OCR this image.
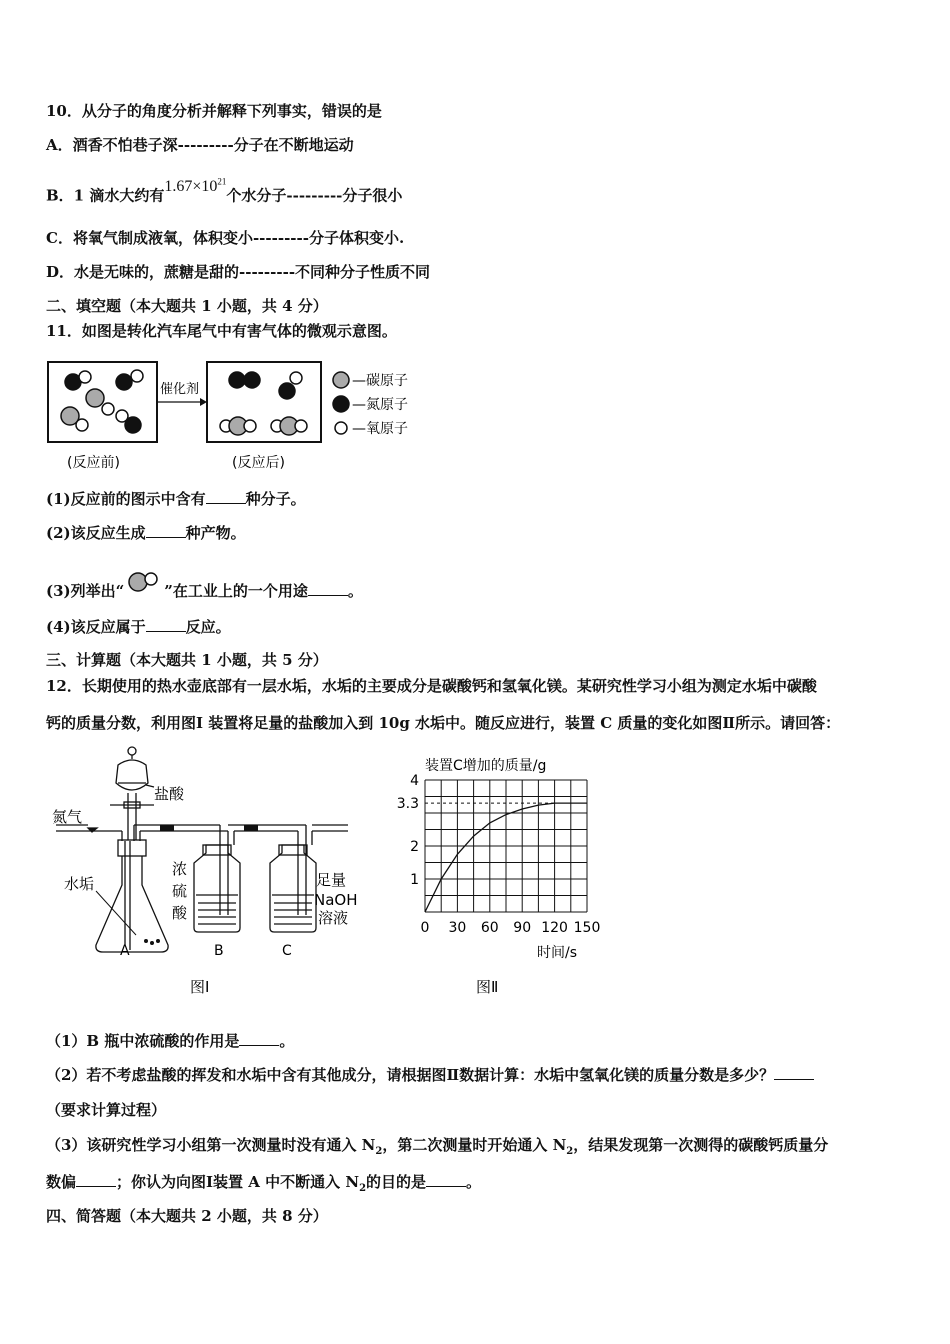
10．从分子的角度分析并解释下列事实，错误的是
A．酒香不怕巷子深---------分子在不断地运动
B．1 滴水大约有$1.67\times 10^{21}$个水分子---------分子很小
C．将氧气制成液氧，体积变小---------分子体积变小.
D．水是无味的，蔗糖是甜的---------不同种分子性质不同
二、填空题（本大题共 1 小题，共 4 分）
11．如图是转化汽车尾气中有害气体的微观示意图。
催化剂
—碳原子
—氮原子
—氧原子
(反应前)	(反应后)
(1)反应前的图示中含有	种分子。
(2)该反应生成	种产物。
(3)列举出“	”在工业上的一个用途	。
(4)该反应属于	反应。
三、计算题（本大题共 1 小题，共 5 分）
12．长期使用的热水壶底部有一层水垢，水垢的主要成分是碳酸钙和氢氧化镁。某研究性学习小组为测定水垢中碳酸
钙的质量分数，利用图Ⅰ 装置将足量的盐酸加入到 10g 水垢中。随反应进行，装置 C 质量的变化如图Ⅱ所示。请回答：
盐酸
氮气
水垢
浓
硫
酸
足量
NaOH
溶液
A	B	C
图Ⅰ
0 30 60 90 120 150
1
2
3.3
4
装置C增加的质量/g
时间/s
图Ⅱ
（1）B 瓶中浓硫酸的作用是	。
（2）若不考虑盐酸的挥发和水垢中含有其他成分，请根据图Ⅱ数据计算：水垢中氢氧化镁的质量分数是多少？
（要求计算过程）
（3）该研究性学习小组第一次测量时没有通入 $N_2$，第二次测量时开始通入 $N_2$，结果发现第一次测得的碳酸钙质量分
数偏	；你认为向图Ⅰ装置 A 中不断通入 $N_2$的目的是	。
四、简答题（本大题共 2 小题，共 8 分）
